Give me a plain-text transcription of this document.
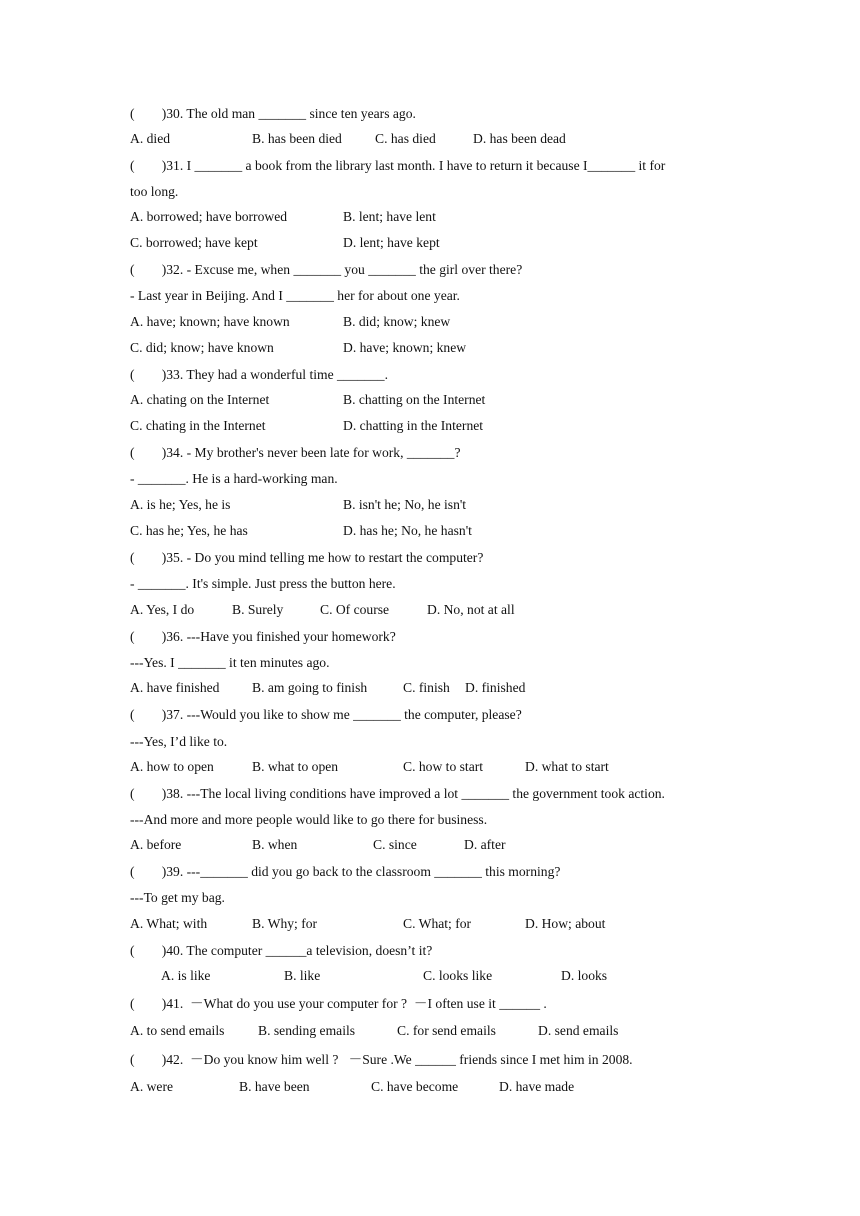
(  )30. The old man _______ since ten years ago.
A. died	B. has been died C. has died	D. has been dead
(  )31. I _______ a book from the library last month. I have to return it because I_______ it for
too long.
A. borrowed; have borrowed	B. lent; have lent
C. borrowed; have kept	D. lent; have kept
(  )32. - Excuse me, when _______ you _______ the girl over there?
- Last year in Beijing. And I _______ her for about one year.
A. have; known; have known	B. did; know; knew
C. did; know; have known	D. have; known; knew
(  )33. They had a wonderful time _______.
A. chating on the Internet	B. chatting on the Internet
C. chating in the Internet	D. chatting in the Internet
(  )34. - My brother's never been late for work, _______?
- _______. He is a hard-working man.
A. is he; Yes, he is	B. isn't he; No, he isn't
C. has he; Yes, he has	D. has he; No, he hasn't
(  )35. - Do you mind telling me how to restart the computer?
- _______. It's simple. Just press the button here.
A. Yes, I do	B. Surely	C. Of course	D. No, not at all
(  )36. ---Have you finished your homework?
---Yes. I _______ it ten minutes ago.
A. have finished B. am going to finish	C. finish D. finished
(  )37. ---Would you like to show me _______ the computer, please?
---Yes, I’d like to.
A. how to open	B. what to open	C. how to start	D. what to start
(  )38. ---The local living conditions have improved a lot _______ the government took action.
---And more and more people would like to go there for business.
A. before	B. when	C. since	D. after
(  )39. ---_______ did you go back to the classroom _______ this morning?
---To get my bag.
A. What; with	B. Why; for	C. What; for	D. How; about
(  )40. The computer ______a television, doesn’t it?
A. is like	B. like	C. looks like	D. looks
(  )41.  －What do you use your computer for ?  －I often use it ______ .
A. to send emails B. sending emails	C. for send emails	D. send emails
(  )42.  －Do you know him well ?   －Sure .We ______ friends since I met him in 2008.
A. were	B. have been	C. have become	D. have made
